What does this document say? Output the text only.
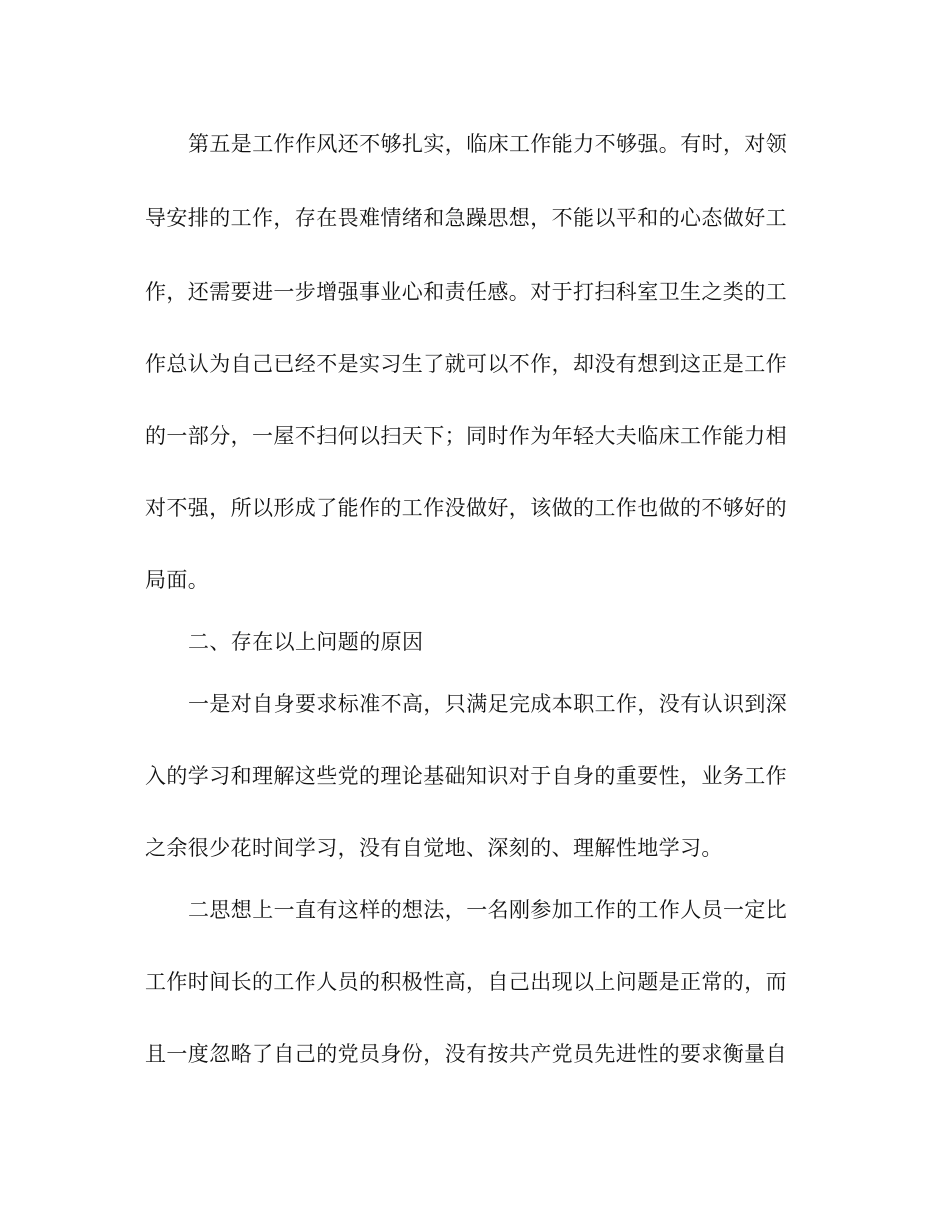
第五是工作作风还不够扎实，临床工作能力不够强。有时，对领
导安排的工作，存在畏难情绪和急躁思想，不能以平和的心态做好工
作，还需要进一步增强事业心和责任感。对于打扫科室卫生之类的工
作总认为自己已经不是实习生了就可以不作，却没有想到这正是工作
的一部分，一屋不扫何以扫天下；同时作为年轻大夫临床工作能力相
对不强，所以形成了能作的工作没做好，该做的工作也做的不够好的
局面。
二、存在以上问题的原因
一是对自身要求标准不高，只满足完成本职工作，没有认识到深
入的学习和理解这些党的理论基础知识对于自身的重要性，业务工作
之余很少花时间学习，没有自觉地、深刻的、理解性地学习。
二思想上一直有这样的想法，一名刚参加工作的工作人员一定比
工作时间长的工作人员的积极性高，自己出现以上问题是正常的，而
且一度忽略了自己的党员身份，没有按共产党员先进性的要求衡量自
